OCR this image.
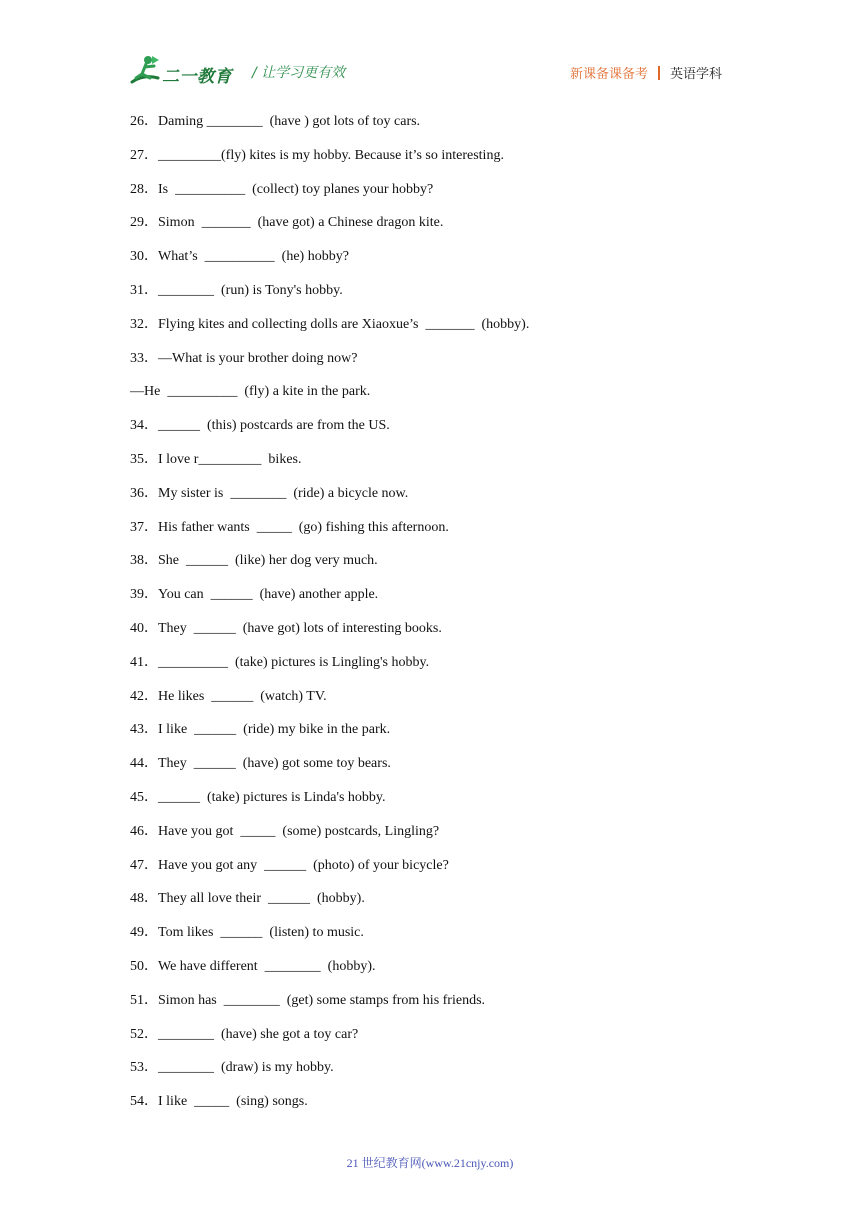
二一教育 / 让学习更有效	新课备课备考 英语学科
26．Daming ________  (have ) got lots of toy cars.
27．_________(fly) kites is my hobby. Because it’s so interesting.
28．Is  __________  (collect) toy planes your hobby?
29．Simon  _______  (have got) a Chinese dragon kite.
30．What’s  __________  (he) hobby?
31．________  (run) is Tony's hobby.
32．Flying kites and collecting dolls are Xiaoxue’s  _______  (hobby).
33．—What is your brother doing now?
—He  __________  (fly) a kite in the park.
34．______  (this) postcards are from the US.
35．I love r_________  bikes.
36．My sister is  ________  (ride) a bicycle now.
37．His father wants  _____  (go) fishing this afternoon.
38．She  ______  (like) her dog very much.
39．You can  ______  (have) another apple.
40．They  ______  (have got) lots of interesting books.
41．__________  (take) pictures is Lingling's hobby.
42．He likes  ______  (watch) TV.
43．I like  ______  (ride) my bike in the park.
44．They  ______  (have) got some toy bears.
45．______  (take) pictures is Linda's hobby.
46．Have you got  _____  (some) postcards, Lingling?
47．Have you got any  ______  (photo) of your bicycle?
48．They all love their  ______  (hobby).
49．Tom likes  ______  (listen) to music.
50．We have different  ________  (hobby).
51．Simon has  ________  (get) some stamps from his friends.
52．________  (have) she got a toy car?
53．________  (draw) is my hobby.
54．I like  _____  (sing) songs.
21 世纪教育网(www.21cnjy.com)
